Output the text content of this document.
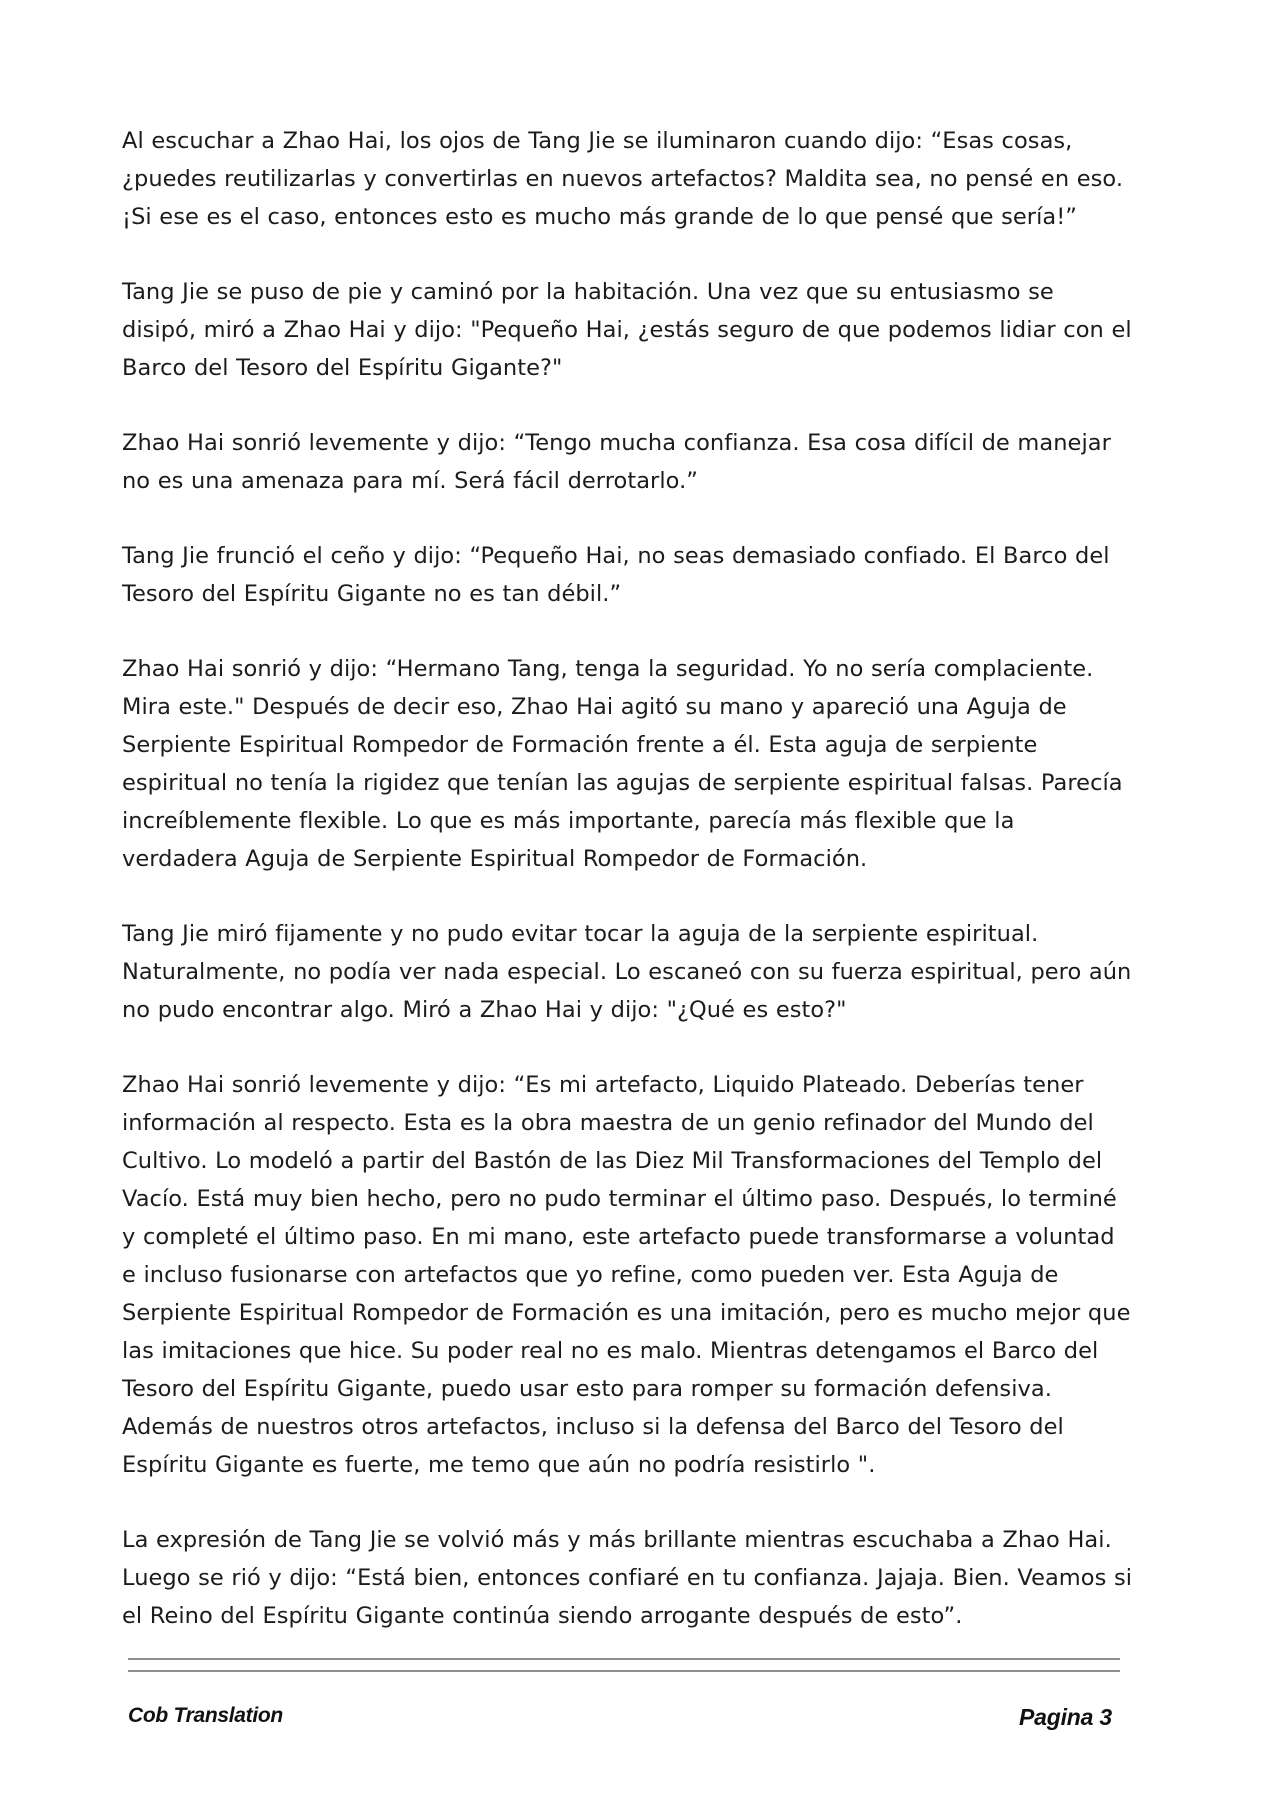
Al escuchar a Zhao Hai, los ojos de Tang Jie se iluminaron cuando dijo: “Esas cosas, ¿puedes reutilizarlas y convertirlas en nuevos artefactos? Maldita sea, no pensé en eso. ¡Si ese es el caso, entonces esto es mucho más grande de lo que pensé que sería!”

Tang Jie se puso de pie y caminó por la habitación. Una vez que su entusiasmo se disipó, miró a Zhao Hai y dijo: "Pequeño Hai, ¿estás seguro de que podemos lidiar con el Barco del Tesoro del Espíritu Gigante?"

Zhao Hai sonrió levemente y dijo: “Tengo mucha confianza. Esa cosa difícil de manejar no es una amenaza para mí. Será fácil derrotarlo.”

Tang Jie frunció el ceño y dijo: “Pequeño Hai, no seas demasiado confiado. El Barco del Tesoro del Espíritu Gigante no es tan débil.”

Zhao Hai sonrió y dijo: “Hermano Tang, tenga la seguridad. Yo no sería complaciente. Mira este." Después de decir eso, Zhao Hai agitó su mano y apareció una Aguja de Serpiente Espiritual Rompedor de Formación frente a él. Esta aguja de serpiente espiritual no tenía la rigidez que tenían las agujas de serpiente espiritual falsas. Parecía increíblemente flexible. Lo que es más importante, parecía más flexible que la verdadera Aguja de Serpiente Espiritual Rompedor de Formación.

Tang Jie miró fijamente y no pudo evitar tocar la aguja de la serpiente espiritual. Naturalmente, no podía ver nada especial. Lo escaneó con su fuerza espiritual, pero aún no pudo encontrar algo. Miró a Zhao Hai y dijo: "¿Qué es esto?"

Zhao Hai sonrió levemente y dijo: “Es mi artefacto, Liquido Plateado. Deberías tener información al respecto. Esta es la obra maestra de un genio refinador del Mundo del Cultivo. Lo modeló a partir del Bastón de las Diez Mil Transformaciones del Templo del Vacío. Está muy bien hecho, pero no pudo terminar el último paso. Después, lo terminé y completé el último paso. En mi mano, este artefacto puede transformarse a voluntad e incluso fusionarse con artefactos que yo refine, como pueden ver. Esta Aguja de Serpiente Espiritual Rompedor de Formación es una imitación, pero es mucho mejor que las imitaciones que hice. Su poder real no es malo. Mientras detengamos el Barco del Tesoro del Espíritu Gigante, puedo usar esto para romper su formación defensiva. Además de nuestros otros artefactos, incluso si la defensa del Barco del Tesoro del Espíritu Gigante es fuerte, me temo que aún no podría resistirlo ".

La expresión de Tang Jie se volvió más y más brillante mientras escuchaba a Zhao Hai. Luego se rió y dijo: “Está bien, entonces confiaré en tu confianza. Jajaja. Bien. Veamos si el Reino del Espíritu Gigante continúa siendo arrogante después de esto”.

Cob Translation	Pagina 3
